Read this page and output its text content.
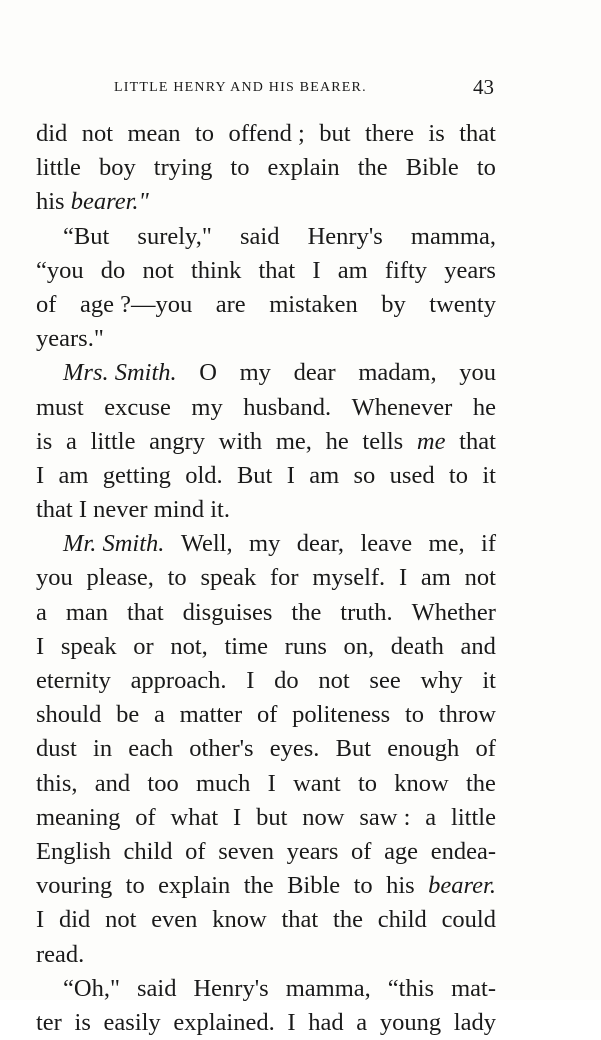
LITTLE HENRY AND HIS BEARER.	43
did not mean to offend ; but there is that
little boy trying to explain the Bible to
his bearer."
“But surely," said Henry's mamma,
“you do not think that I am fifty years
of age ?—you are mistaken by twenty
years."
Mrs. Smith. O my dear madam, you
must excuse my husband. Whenever he
is a little angry with me, he tells me that
I am getting old. But I am so used to it
that I never mind it.
Mr. Smith. Well, my dear, leave me, if
you please, to speak for myself. I am not
a man that disguises the truth. Whether
I speak or not, time runs on, death and
eternity approach. I do not see why it
should be a matter of politeness to throw
dust in each other's eyes. But enough of
this, and too much I want to know the
meaning of what I but now saw : a little
English child of seven years of age endea-
vouring to explain the Bible to his bearer.
I did not even know that the child could
read.
“Oh," said Henry's mamma, “this mat-
ter is easily explained. I had a young lady
